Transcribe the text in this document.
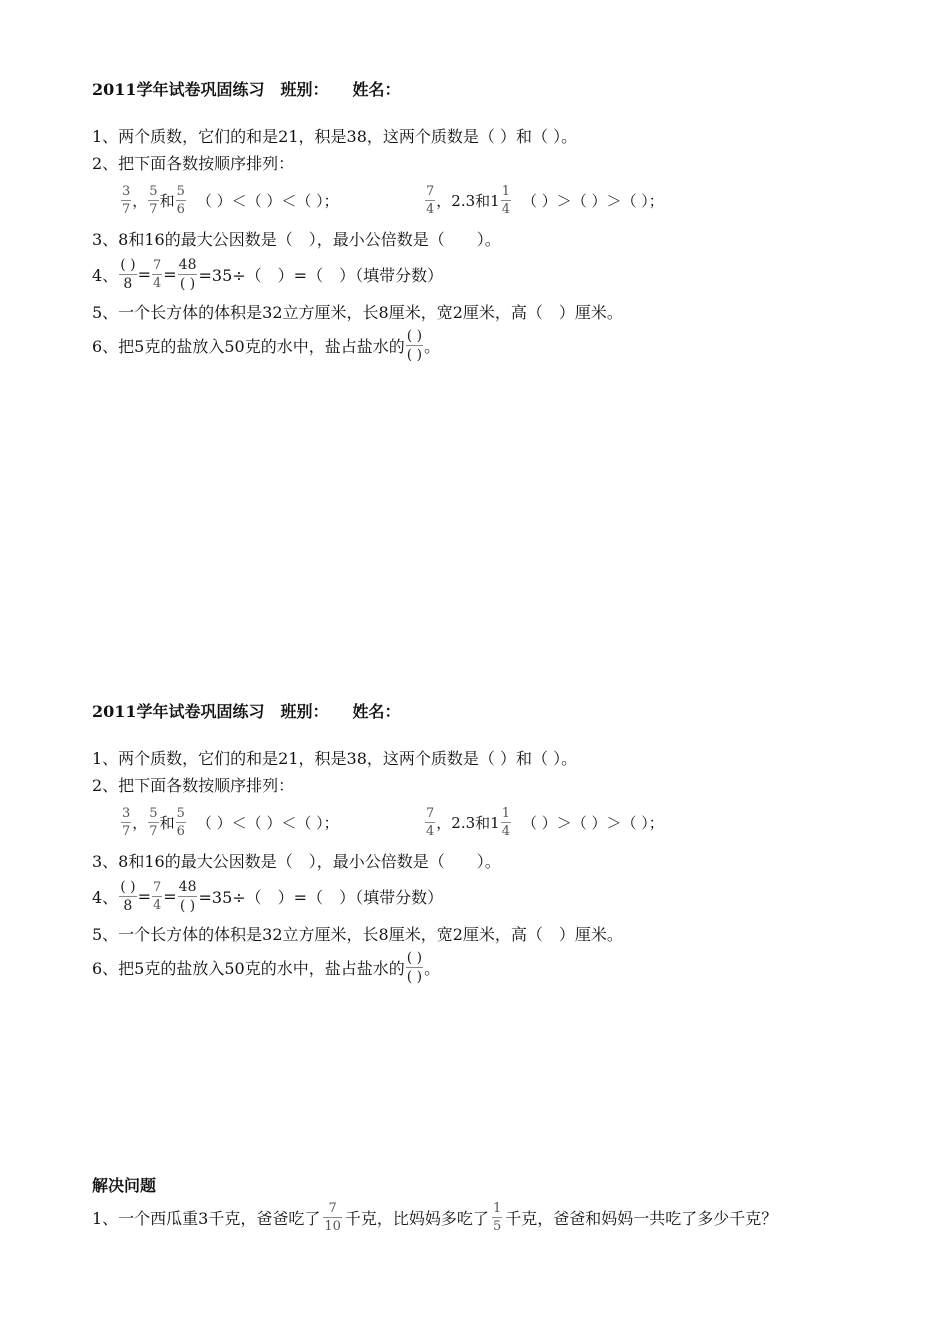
2011学年试卷巩固练习　班别：　　姓名：
1、两个质数，它们的和是21，积是38，这两个质数是（ ）和（ ）。
2、把下面各数按顺序排列：
$\frac{3}{7}$ ， $\frac{5}{7}$ 和 $\frac{5}{6}$ （ ）＜（ ）＜（ ）；	$\frac{7}{4}$ ，2.3和$1 \frac{1}{4}$ （ ）＞（ ）＞（ ）；
3、8和16的最大公因数是（　），最小公倍数是（　　）。
4、 $\frac{( )}{8} = \frac{7}{4} = \frac{48}{( )} =35\div$（　）=（　）（填带分数）
5、一个长方体的体积是32立方厘米，长8厘米，宽2厘米，高（　）厘米。
6、把5克的盐放入50克的水中，盐占盐水的 $\frac{( )}{( )}$ 。
2011学年试卷巩固练习　班别：　　姓名：
1、两个质数，它们的和是21，积是38，这两个质数是（ ）和（ ）。
2、把下面各数按顺序排列：
$\frac{3}{7}$ ， $\frac{5}{7}$ 和 $\frac{5}{6}$ （ ）＜（ ）＜（ ）；	$\frac{7}{4}$ ，2.3和$1 \frac{1}{4}$ （ ）＞（ ）＞（ ）；
3、8和16的最大公因数是（　），最小公倍数是（　　）。
4、 $\frac{( )}{8} = \frac{7}{4} = \frac{48}{( )} =35\div$（　）=（　）（填带分数）
5、一个长方体的体积是32立方厘米，长8厘米，宽2厘米，高（　）厘米。
6、把5克的盐放入50克的水中，盐占盐水的 $\frac{( )}{( )}$ 。
解决问题
1、一个西瓜重3千克，爸爸吃了 $\frac{7}{10}$ 千克，比妈妈多吃了 $\frac{1}{5}$ 千克，爸爸和妈妈一共吃了多少千克？
